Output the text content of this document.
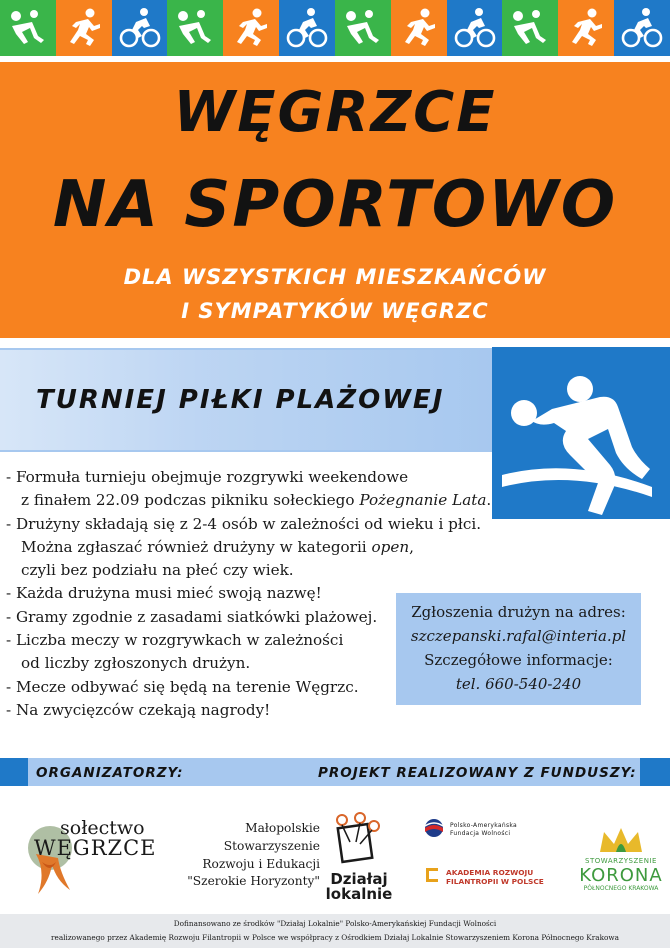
WĘGRZCE
NA SPORTOWO
DLA WSZYSTKICH MIESZKAŃCÓW
I SYMPATYKÓW WĘGRZC
TURNIEJ PIŁKI PLAŻOWEJ
- Formuła turnieju obejmuje rozgrywki weekendowe
z finałem 22.09 podczas pikniku sołeckiego Pożegnanie Lata.
- Drużyny składają się z 2-4 osób w zależności od wieku i płci.
Można zgłaszać również drużyny w kategorii open,
czyli bez podziału na płeć czy wiek.
- Każda drużyna musi mieć swoją nazwę!
- Gramy zgodnie z zasadami siatkówki plażowej.
- Liczba meczy w rozgrywkach w zależności
od liczby zgłoszonych drużyn.
- Mecze odbywać się będą na terenie Węgrzc.
- Na zwycięzców czekają nagrody!
Zgłoszenia drużyn na adres:
szczepanski.rafal@interia.pl
Szczegółowe informacje:
tel. 660-540-240
ORGANIZATORZY:	PROJEKT REALIZOWANY Z FUNDUSZY:
sołectwo
WĘGRZCE
Małopolskie
Stowarzyszenie
Rozwoju i Edukacji
"Szerokie Horyzonty" Działaj
lokalnie
Polsko-Amerykańska
Fundacja Wolności
AKADEMIA ROZWOJU
FILANTROPII W POLSCE
STOWARZYSZENIE
KORONA
PÓŁNOCNEGO KRAKOWA
Dofinansowano ze środków "Działaj Lokalnie" Polsko-Amerykańskiej Fundacji Wolności
realizowanego przez Akademię Rozwoju Filantropii w Polsce we współpracy z Ośrodkiem Działaj Lokalnie Stowarzyszeniem Korona Północnego Krakowa
